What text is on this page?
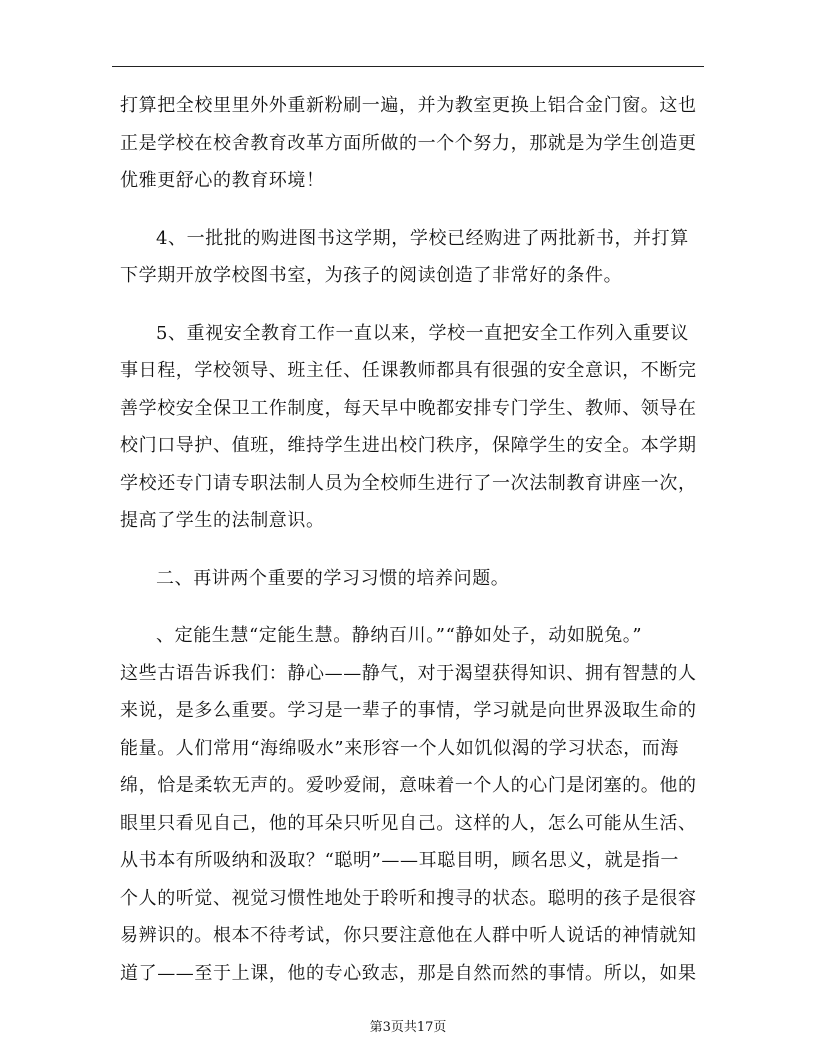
打算把全校里里外外重新粉刷一遍，并为教室更换上铝合金门窗。这也
正是学校在校舍教育改革方面所做的一个个努力，那就是为学生创造更
优雅更舒心的教育环境！

4、一批批的购进图书这学期，学校已经购进了两批新书，并打算
下学期开放学校图书室，为孩子的阅读创造了非常好的条件。

5、重视安全教育工作一直以来，学校一直把安全工作列入重要议
事日程，学校领导、班主任、任课教师都具有很强的安全意识，不断完
善学校安全保卫工作制度，每天早中晚都安排专门学生、教师、领导在
校门口导护、值班，维持学生进出校门秩序，保障学生的安全。本学期
学校还专门请专职法制人员为全校师生进行了一次法制教育讲座一次，
提高了学生的法制意识。

二、再讲两个重要的学习习惯的培养问题。

、定能生慧“定能生慧。静纳百川。”“静如处子，动如脱兔。”
这些古语告诉我们：静心——静气，对于渴望获得知识、拥有智慧的人
来说，是多么重要。学习是一辈子的事情，学习就是向世界汲取生命的
能量。人们常用“海绵吸水”来形容一个人如饥似渴的学习状态，而海
绵，恰是柔软无声的。爱吵爱闹，意味着一个人的心门是闭塞的。他的
眼里只看见自己，他的耳朵只听见自己。这样的人，怎么可能从生活、
从书本有所吸纳和汲取？“聪明”——耳聪目明，顾名思义，就是指一
个人的听觉、视觉习惯性地处于聆听和搜寻的状态。聪明的孩子是很容
易辨识的。根本不待考试，你只要注意他在人群中听人说话的神情就知
道了——至于上课，他的专心致志，那是自然而然的事情。所以，如果

第3页共17页
